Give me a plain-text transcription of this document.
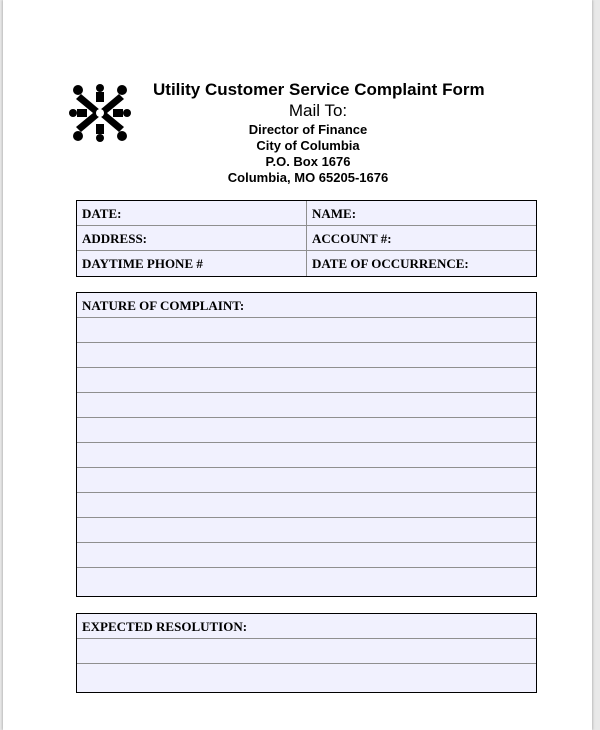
Utility Customer Service Complaint Form
Mail To:
Director of Finance
City of Columbia
P.O. Box 1676
Columbia, MO 65205-1676
DATE:	NAME:
ADDRESS:	ACCOUNT #:
DAYTIME PHONE #	DATE OF OCCURRENCE:
NATURE OF COMPLAINT:
EXPECTED RESOLUTION:
